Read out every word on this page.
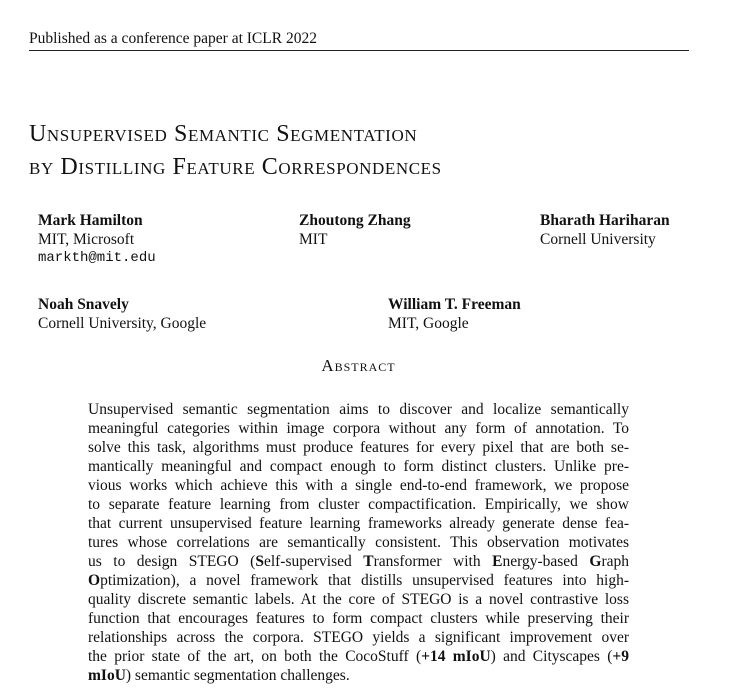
Published as a conference paper at ICLR 2022
Unsupervised Semantic Segmentation
by Distilling Feature Correspondences
Mark Hamilton
MIT, Microsoft
markth@mit.edu
Zhoutong Zhang
MIT
Bharath Hariharan
Cornell University
Noah Snavely
Cornell University, Google
William T. Freeman
MIT, Google
Abstract
Unsupervised semantic segmentation aims to discover and localize semantically
meaningful categories within image corpora without any form of annotation. To
solve this task, algorithms must produce features for every pixel that are both se-
mantically meaningful and compact enough to form distinct clusters. Unlike pre-
vious works which achieve this with a single end-to-end framework, we propose
to separate feature learning from cluster compactification. Empirically, we show
that current unsupervised feature learning frameworks already generate dense fea-
tures whose correlations are semantically consistent. This observation motivates
us to design STEGO (Self-supervised Transformer with Energy-based Graph
Optimization), a novel framework that distills unsupervised features into high-
quality discrete semantic labels. At the core of STEGO is a novel contrastive loss
function that encourages features to form compact clusters while preserving their
relationships across the corpora. STEGO yields a significant improvement over
the prior state of the art, on both the CocoStuff (+14 mIoU) and Cityscapes (+9
mIoU) semantic segmentation challenges.
